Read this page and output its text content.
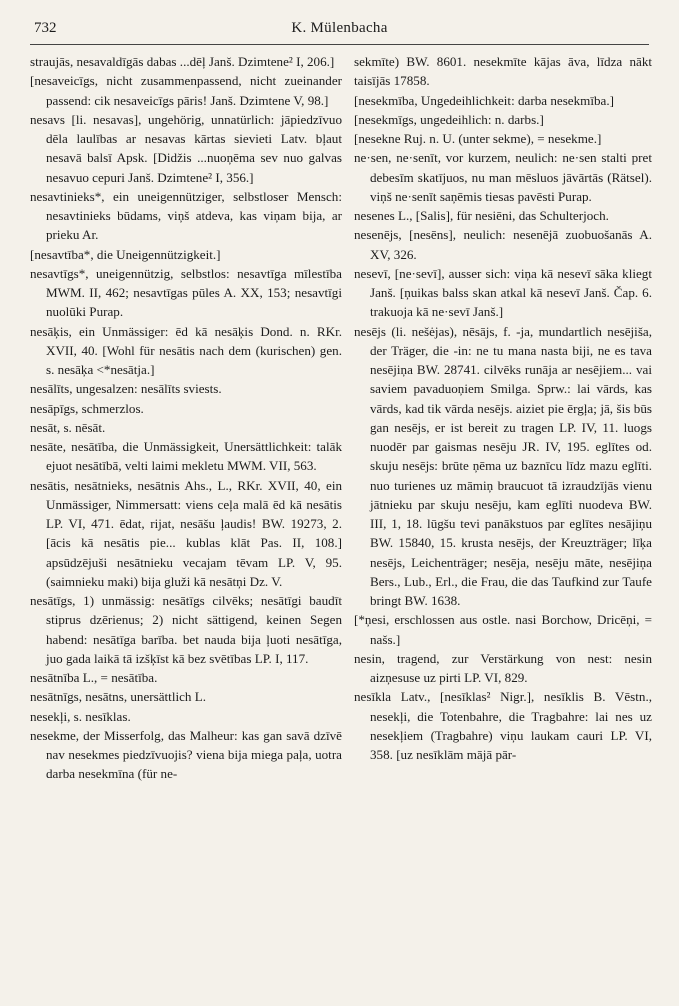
732	K. Mülenbacha

straujās, nesavaldīgās dabas ...dēļ Janš. Dzimtene² I, 206.]

[nesaveicīgs, nicht zusammenpassend, nicht zueinander passend: cik nesaveicīgs pāris! Janš. Dzimtene V, 98.]

nesavs [li. nesavas], ungehörig, unnatürlich: jāpiedzīvuo dēla laulības ar nesavas kārtas sievieti Latv. bļaut nesavā balsī Apsk. [Didžis ...nuoņēma sev nuo galvas nesavuo cepuri Janš. Dzimtene² I, 356.]

nesavtinieks*, ein uneigennütziger, selbstloser Mensch: nesavtinieks būdams, viņš atdeva, kas viņam bija, ar prieku Ar.

[nesavtība*, die Uneigennützigkeit.]

nesavtīgs*, uneigennützig, selbstlos: nesavtīga mīlestība MWM. II, 462; nesavtīgas pūles A. XX, 153; nesavtīgi nuolūki Purap.

nesāķis, ein Unmässiger: ēd kā nesāķis Dond. n. RKr. XVII, 40. [Wohl für nesātis nach dem (kurischen) gen. s. nesāķa <*nesātja.]

nesālīts, ungesalzen: nesālīts sviests.

nesāpīgs, schmerzlos.

nesāt, s. nēsāt.

nesāte, nesātība, die Unmässigkeit, Unersättlichkeit: talāk ejuot nesātībā, velti laimi mekletu MWM. VII, 563.

nesātis, nesātnieks, nesātnis Ahs., L., RKr. XVII, 40, ein Unmässiger, Nimmersatt: viens ceļa malā ēd kā nesātis LP. VI, 471. ēdat, rijat, nesāšu ļaudis! BW. 19273, 2. [ācis kā nesātis pie... kublas klāt Pas. II, 108.] apsūdzējuši nesātnieku vecajam tēvam LP. V, 95. (saimnieku maki) bija gluži kā nesātņi Dz. V.

nesātīgs, 1) unmässig: nesātīgs cilvēks; nesātīgi baudīt stiprus dzērienus; 2) nicht sättigend, keinen Segen habend: nesātīga barība. bet nauda bija ļuoti nesātīga, juo gada laikā tā izšķīst kā bez svētības LP. I, 117.

nesātnība L., = nesātība.

nesātnīgs, nesātns, unersättlich L.

nesekļi, s. nesīklas.

nesekme, der Misserfolg, das Malheur: kas gan savā dzīvē nav nesekmes piedzīvuojis? viena bija miega paļa, uotra darba nesekmīna (für ne-

sekmīte) BW. 8601. nesekmīte kājas āva, līdza nākt taisījās 17858.

[nesekmība, Ungedeihlichkeit: darba nesekmība.]

[nesekmīgs, ungedeihlich: n. darbs.]

[nesekne Ruj. n. U. (unter sekme), = nesekme.]

ne·sen, ne·senīt, vor kurzem, neulich: ne·sen stalti pret debesīm skatījuos, nu man mēsluos jāvārtās (Rätsel). viņš ne·senīt saņēmis tiesas pavēsti Purap.

nesenes L., [Salis], für nesiēni, das Schulterjoch.

nesenējs, [nesēns], neulich: nesenējā zuobuošanās A. XV, 326.

nesevī, [ne·sevī], ausser sich: viņa kā nesevī sāka kliegt Janš. [ņuikas balss skan atkal kā nesevī Janš. Čap. 6. trakuoja kā ne·sevī Janš.]

nesējs (li. nešėjas), nēsājs, f. -ja, mundartlich nesējiša, der Träger, die -in: ne tu mana nasta biji, ne es tava nesējiņa BW. 28741. cilvēks runāja ar nesējiem... vai saviem pavaduoņiem Smilga. Sprw.: lai vārds, kas vārds, kad tik vārda nesējs. aiziet pie ērgļa; jā, šis būs gan nesējs, er ist bereit zu tragen LP. IV, 11. luogs nuodēr par gaismas nesēju JR. IV, 195. eglītes od. skuju nesējs: brūte ņēma uz baznīcu līdz mazu eglīti. nuo turienes uz māmiņ braucuot tā izraudzījās vienu jātnieku par skuju nesēju, kam eglīti nuodeva BW. III, 1, 18. lūgšu tevi panākstuos par eglītes nesājiņu BW. 15840, 15. krusta nesējs, der Kreuzträger; līķa nesējs, Leichenträger; nesēja, nesēju māte, nesējiņa Bers., Lub., Erl., die Frau, die das Taufkind zur Taufe bringt BW. 1638.

[*ņesi, erschlossen aus ostle. nasi Borchow, Dricēņi, = našs.]

nesin, tragend, zur Verstärkung von nest: nesin aizņesuse uz pirti LP. VI, 829.

nesīkla Latv., [nesīklas² Nigr.], nesīklis B. Vēstn., nesekļi, die Totenbahre, die Tragbahre: lai nes uz nesekļiem (Tragbahre) viņu laukam cauri LP. VI, 358. [uz nesīklām mājā pār-
